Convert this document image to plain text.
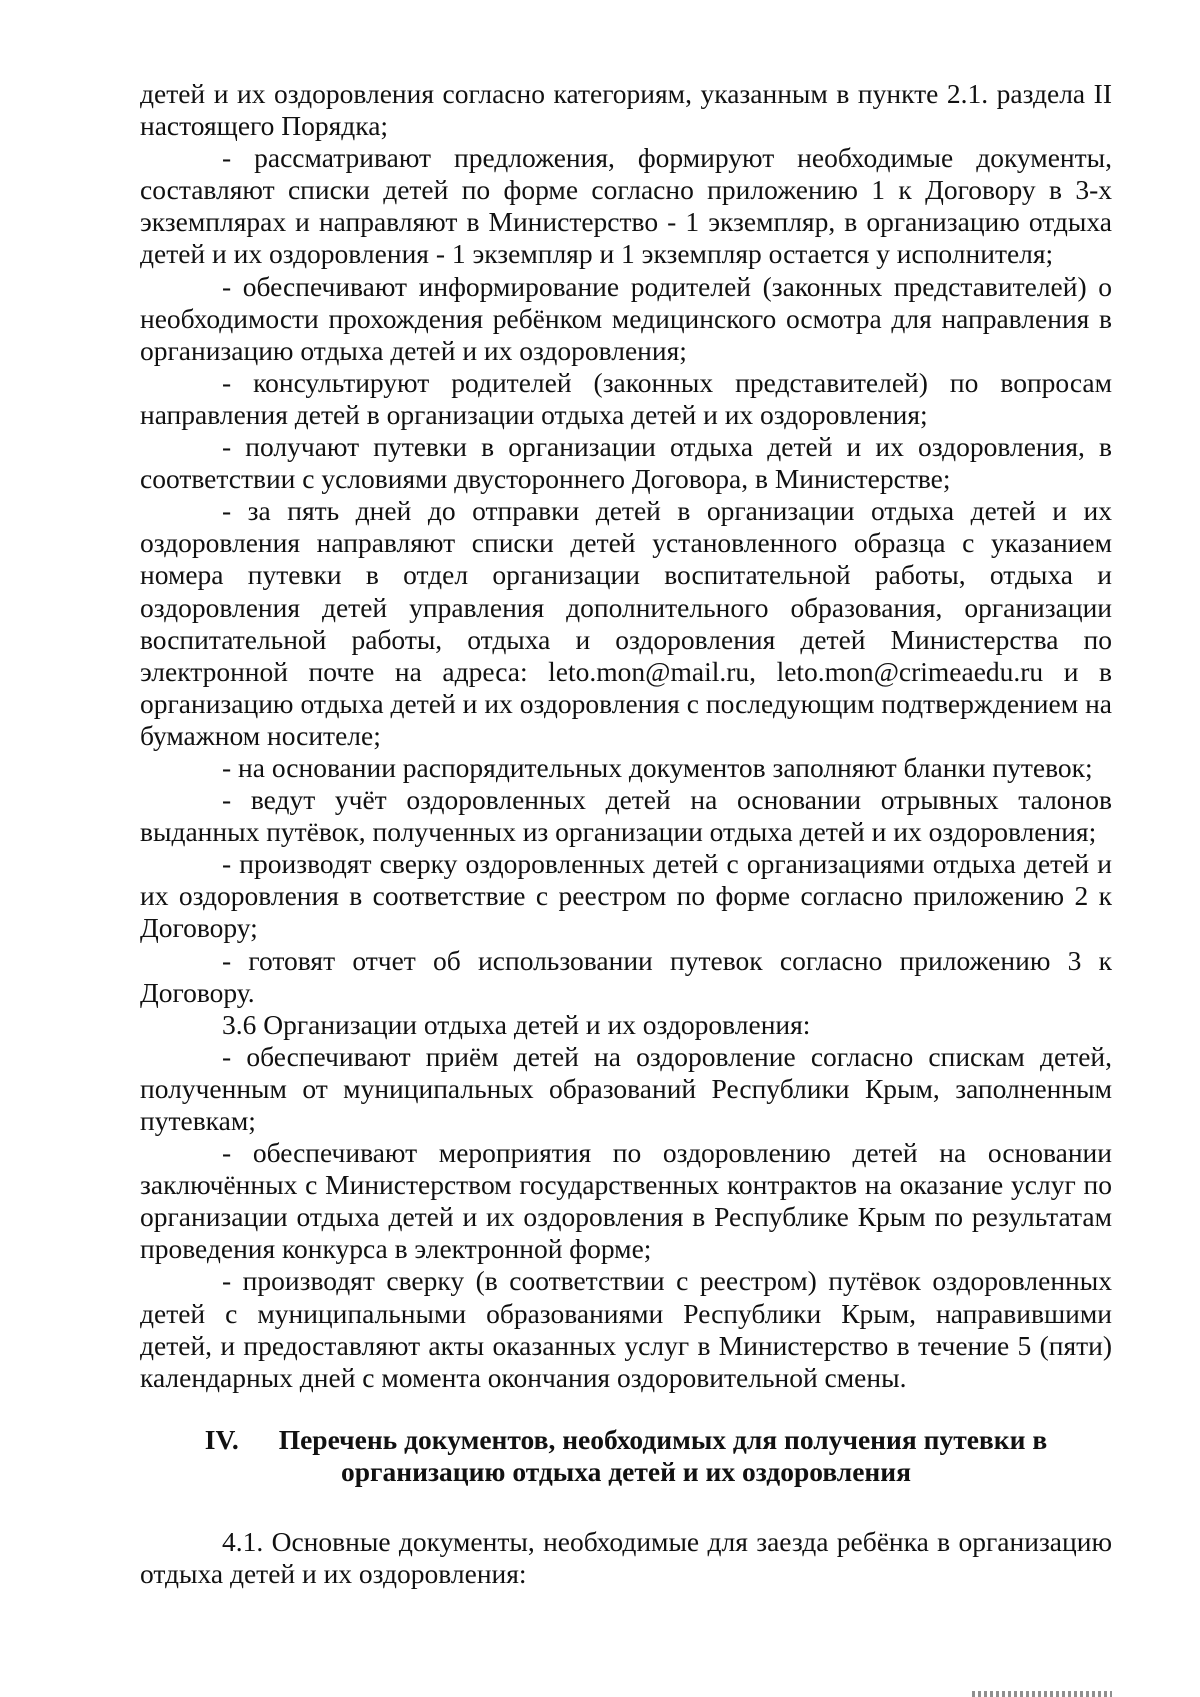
детей и их оздоровления согласно категориям, указанным в пункте 2.1. раздела II настоящего Порядка;

- рассматривают предложения, формируют необходимые документы, составляют списки детей по форме согласно приложению 1 к Договору в 3-х экземплярах и направляют в Министерство - 1 экземпляр, в организацию отдыха детей и их оздоровления - 1 экземпляр и 1 экземпляр остается у исполнителя;

- обеспечивают информирование родителей (законных представителей) о необходимости прохождения ребёнком медицинского осмотра для направления в организацию отдыха детей и их оздоровления;

- консультируют родителей (законных представителей) по вопросам направления детей в организации отдыха детей и их оздоровления;

- получают путевки в организации отдыха детей и их оздоровления, в соответствии с условиями двустороннего Договора, в Министерстве;

- за пять дней до отправки детей в организации отдыха детей и их оздоровления направляют списки детей установленного образца с указанием номера путевки в отдел организации воспитательной работы, отдыха и оздоровления детей управления дополнительного образования, организации воспитательной работы, отдыха и оздоровления детей Министерства по электронной почте на адреса: leto.mon@mail.ru, leto.mon@crimeaedu.ru и в организацию отдыха детей и их оздоровления с последующим подтверждением на бумажном носителе;

- на основании распорядительных документов заполняют бланки путевок;

- ведут учёт оздоровленных детей на основании отрывных талонов выданных путёвок, полученных из организации отдыха детей и их оздоровления;

- производят сверку оздоровленных детей с организациями отдыха детей и их оздоровления в соответствие с реестром по форме согласно приложению 2 к Договору;

- готовят отчет об использовании путевок согласно приложению 3 к Договору.

3.6 Организации отдыха детей и их оздоровления:

- обеспечивают приём детей на оздоровление согласно спискам детей, полученным от муниципальных образований Республики Крым, заполненным путевкам;

- обеспечивают мероприятия по оздоровлению детей на основании заключённых с Министерством государственных контрактов на оказание услуг по организации отдыха детей и их оздоровления в Республике Крым по результатам проведения конкурса в электронной форме;

- производят сверку (в соответствии с реестром) путёвок оздоровленных детей с муниципальными образованиями Республики Крым, направившими детей, и предоставляют акты оказанных услуг в Министерство в течение 5 (пяти) календарных дней с момента окончания оздоровительной смены.

IV. Перечень документов, необходимых для получения путевки в
организацию отдыха детей и их оздоровления

4.1. Основные документы, необходимые для заезда ребёнка в организацию отдыха детей и их оздоровления:
